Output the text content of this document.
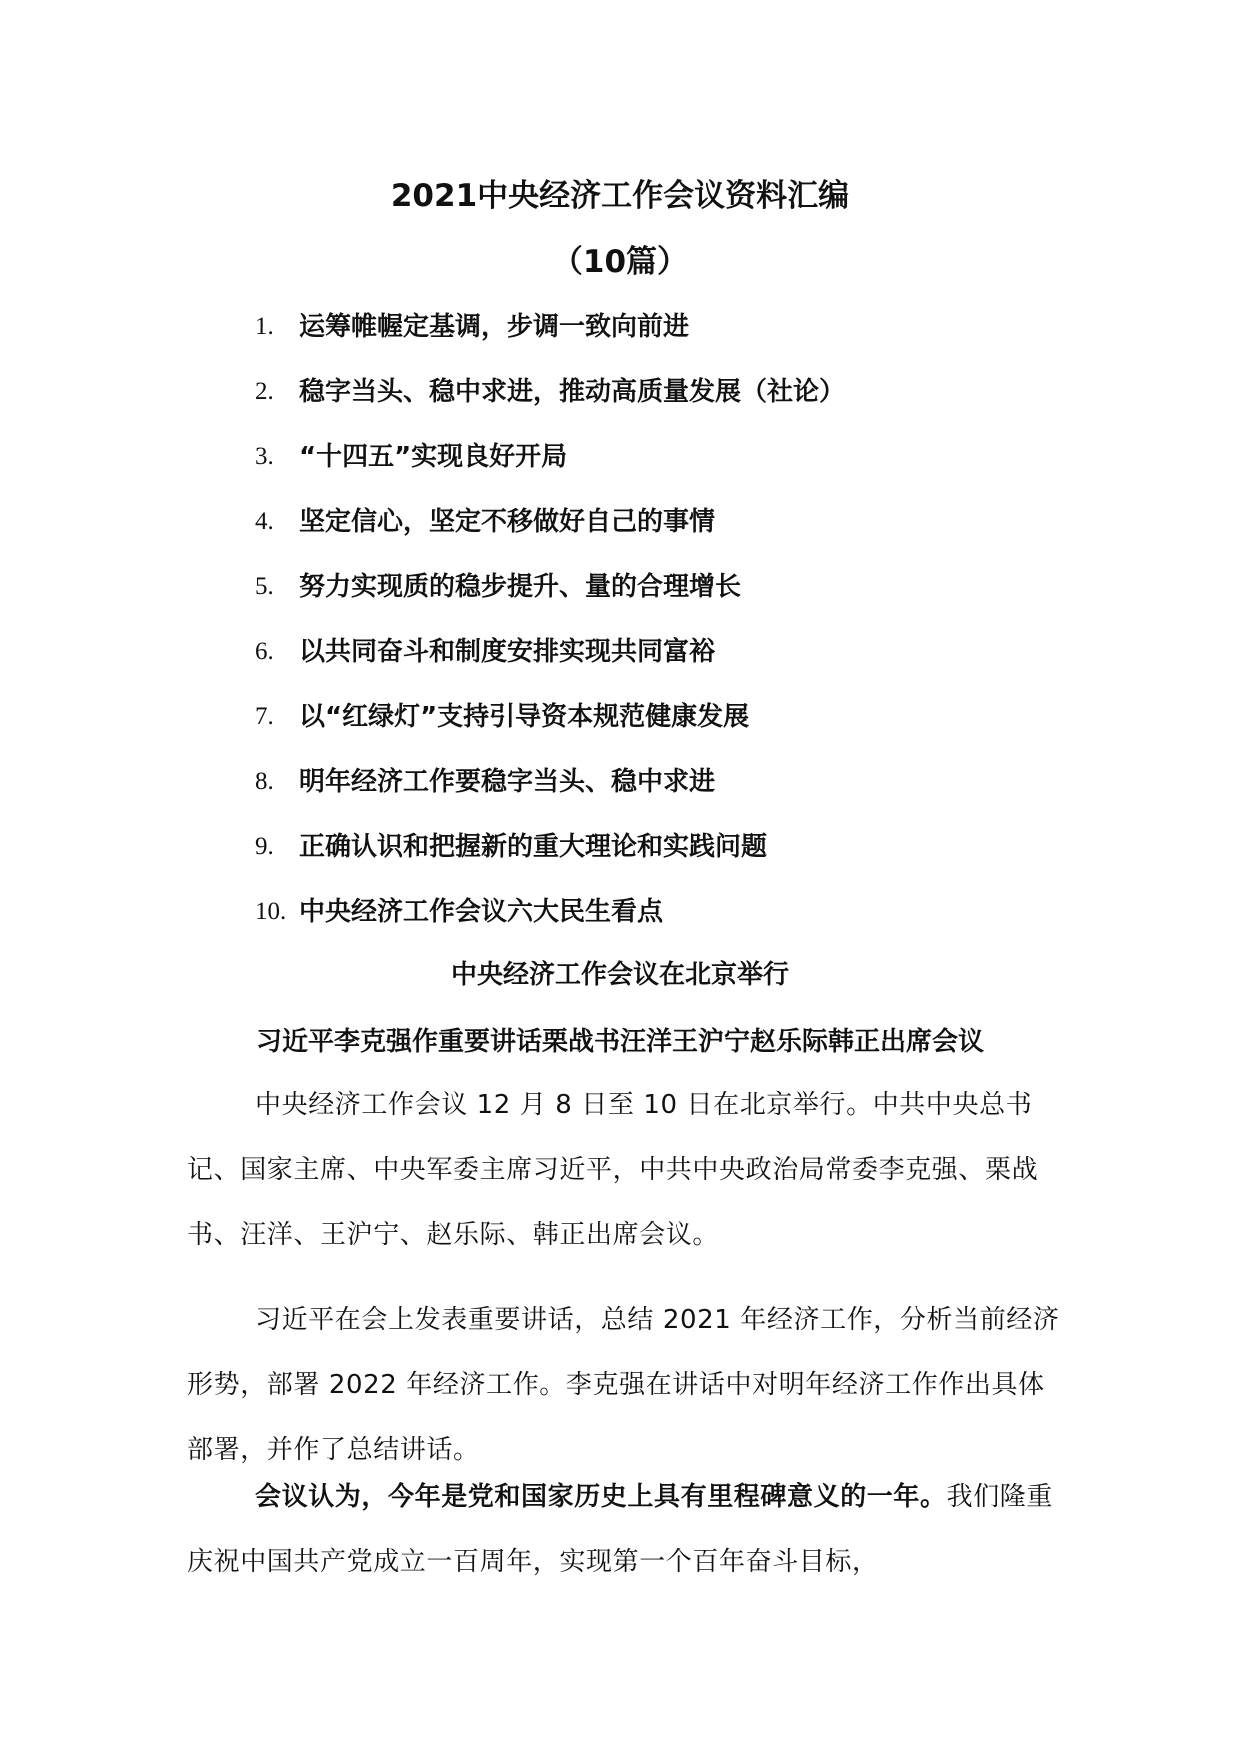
2021中央经济工作会议资料汇编
（10篇）
1. 运筹帷幄定基调，步调一致向前进
2. 稳字当头、稳中求进，推动高质量发展（社论）
3. “十四五”实现良好开局
4. 坚定信心，坚定不移做好自己的事情
5. 努力实现质的稳步提升、量的合理增长
6. 以共同奋斗和制度安排实现共同富裕
7. 以“红绿灯”支持引导资本规范健康发展
8. 明年经济工作要稳字当头、稳中求进
9. 正确认识和把握新的重大理论和实践问题
10. 中央经济工作会议六大民生看点
中央经济工作会议在北京举行
习近平李克强作重要讲话栗战书汪洋王沪宁赵乐际韩正出席会议

中央经济工作会议 12 月 8 日至 10 日在北京举行。中共中央总书记、国家主席、中央军委主席习近平，中共中央政治局常委李克强、栗战书、汪洋、王沪宁、赵乐际、韩正出席会议。

习近平在会上发表重要讲话，总结 2021 年经济工作，分析当前经济形势，部署 2022 年经济工作。李克强在讲话中对明年经济工作作出具体部署，并作了总结讲话。

会议认为，今年是党和国家历史上具有里程碑意义的一年。我们隆重庆祝中国共产党成立一百周年，实现第一个百年奋斗目标，
